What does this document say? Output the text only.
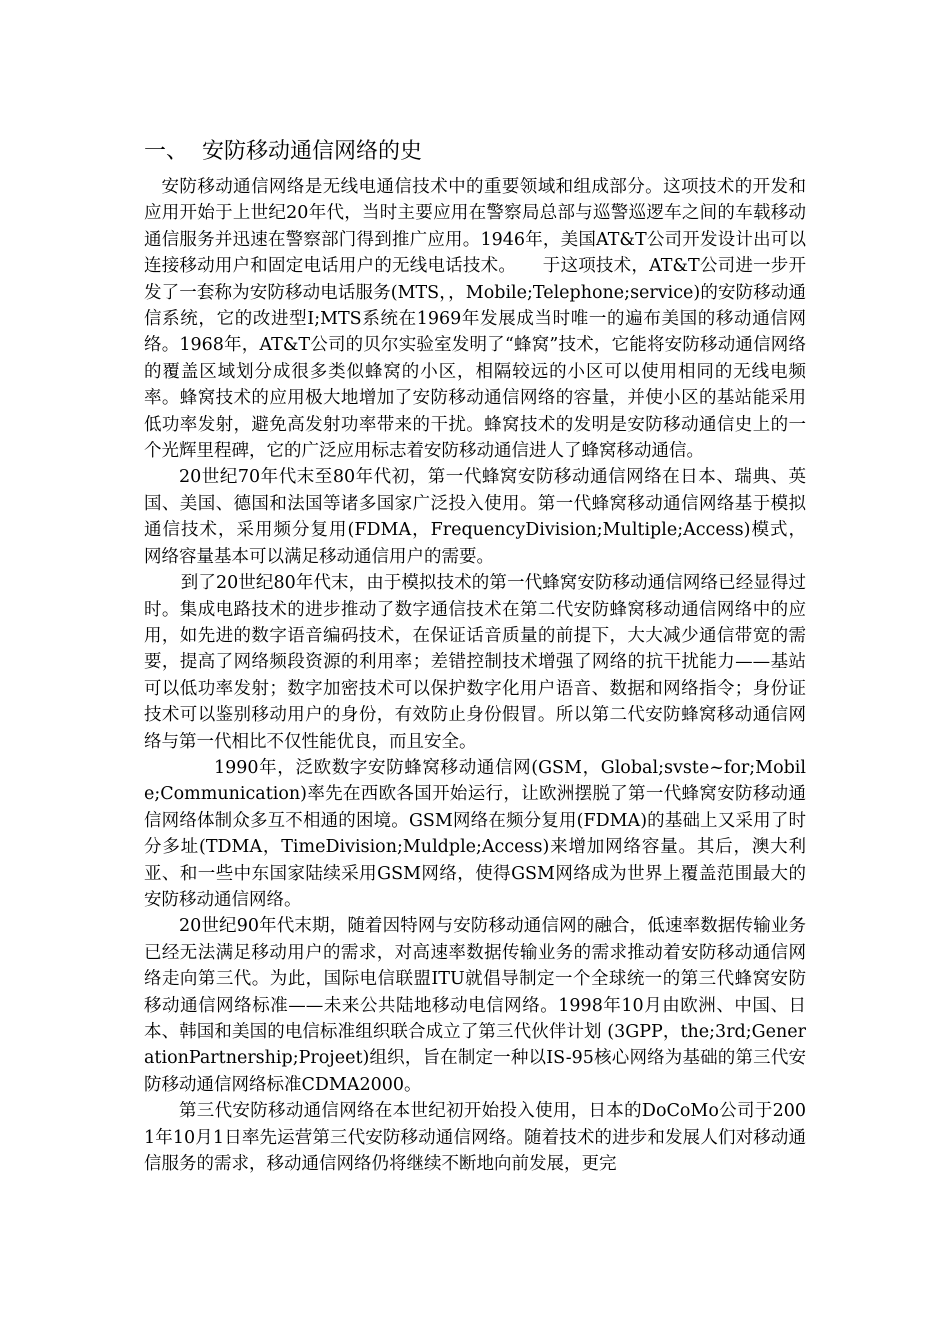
一、 安防移动通信网络的史

安防移动通信网络是无线电通信技术中的重要领域和组成部分。这项技术的开发和应用开始于上世纪20年代，当时主要应用在警察局总部与巡警巡逻车之间的车载移动通信服务并迅速在警察部门得到推广应用。1946年，美国AT&T公司开发设计出可以连接移动用户和固定电话用户的无线电话技术。　　于这项技术，AT&T公司进一步开发了一套称为安防移动电话服务(MTS，，Mobile;Telephone;service)的安防移动通信系统，它的改进型I;MTS系统在1969年发展成当时唯一的遍布美国的移动通信网络。1968年，AT&T公司的贝尔实验室发明了“蜂窝”技术，它能将安防移动通信网络的覆盖区域划分成很多类似蜂窝的小区，相隔较远的小区可以使用相同的无线电频率。蜂窝技术的应用极大地增加了安防移动通信网络的容量，并使小区的基站能采用低功率发射，避免高发射功率带来的干扰。蜂窝技术的发明是安防移动通信史上的一个光辉里程碑，它的广泛应用标志着安防移动通信进人了蜂窝移动通信。

20世纪70年代末至80年代初，第一代蜂窝安防移动通信网络在日本、瑞典、英国、美国、德国和法国等诸多国家广泛投入使用。第一代蜂窝移动通信网络基于模拟通信技术，采用频分复用(FDMA，FrequencyDivision;Multiple;Access)模式，网络容量基本可以满足移动通信用户的需要。

到了20世纪80年代末，由于模拟技术的第一代蜂窝安防移动通信网络已经显得过时。集成电路技术的进步推动了数字通信技术在第二代安防蜂窝移动通信网络中的应用，如先进的数字语音编码技术，在保证话音质量的前提下，大大减少通信带宽的需要，提高了网络频段资源的利用率；差错控制技术增强了网络的抗干扰能力——基站可以低功率发射；数字加密技术可以保护数字化用户语音、数据和网络指令；身份证技术可以鉴别移动用户的身份，有效防止身份假冒。所以第二代安防蜂窝移动通信网络与第一代相比不仅性能优良，而且安全。

1990年，泛欧数字安防蜂窝移动通信网(GSM，Global;svste~for;Mobile;Communication)率先在西欧各国开始运行，让欧洲摆脱了第一代蜂窝安防移动通信网络体制众多互不相通的困境。GSM网络在频分复用(FDMA)的基础上又采用了时分多址(TDMA，TimeDivision;Muldple;Access)来增加网络容量。其后，澳大利亚、和一些中东国家陆续采用GSM网络，使得GSM网络成为世界上覆盖范围最大的安防移动通信网络。

20世纪90年代末期，随着因特网与安防移动通信网的融合，低速率数据传输业务已经无法满足移动用户的需求，对高速率数据传输业务的需求推动着安防移动通信网络走向第三代。为此，国际电信联盟ITU就倡导制定一个全球统一的第三代蜂窝安防移动通信网络标准——未来公共陆地移动电信网络。1998年10月由欧洲、中国、日本、韩国和美国的电信标准组织联合成立了第三代伙伴计划 (3GPP，the;3rd;GenerationPartnership;Projeet)组织，旨在制定一种以IS-95核心网络为基础的第三代安防移动通信网络标准CDMA2000。

第三代安防移动通信网络在本世纪初开始投入使用，日本的DoCoMo公司于2001年10月1日率先运营第三代安防移动通信网络。随着技术的进步和发展人们对移动通信服务的需求，移动通信网络仍将继续不断地向前发展，更完
